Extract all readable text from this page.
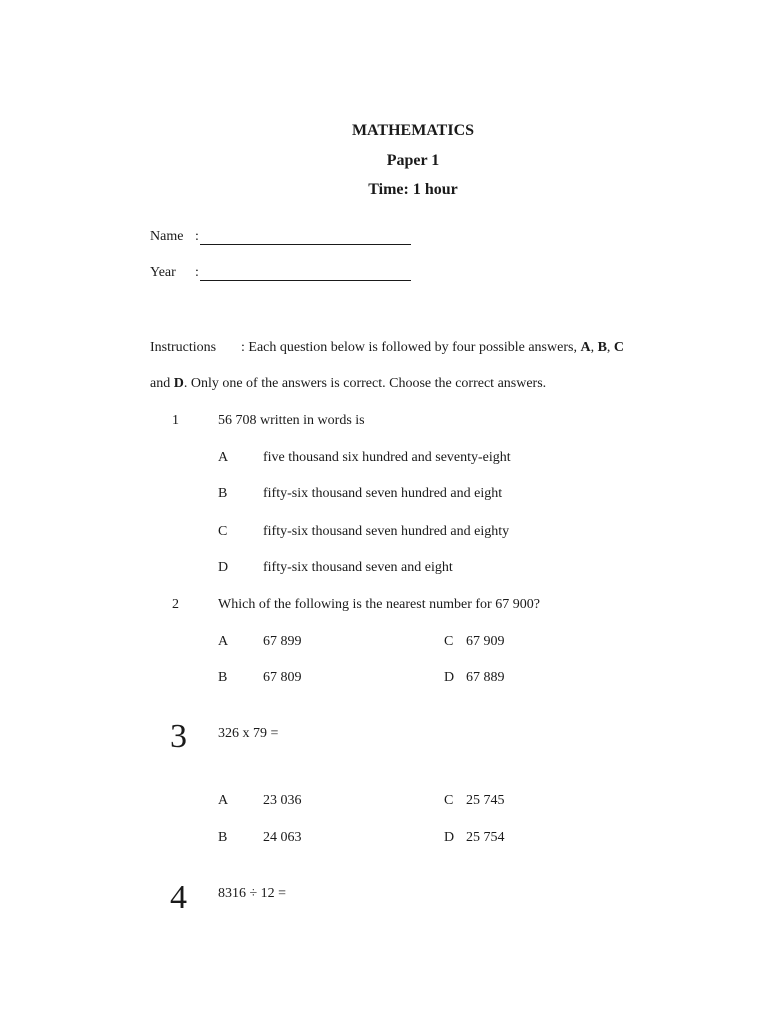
MATHEMATICS
Paper 1
Time: 1 hour
Name :
Year :
Instructions : Each question below is followed by four possible answers, A, B, C
and D. Only one of the answers is correct. Choose the correct answers.
1	56 708 written in words is
A five thousand six hundred and seventy-eight
B	fifty-six thousand seven hundred and eight
C	fifty-six thousand seven hundred and eighty
D fifty-six thousand seven and eight
2	Which of the following is the nearest number for 67 900?
A 67 899	C 67 909
B	67 809	D 67 889
3 326 x 79 =
A 23 036	C 25 745
B	24 063	D 25 754
4 8316 ÷ 12 =
